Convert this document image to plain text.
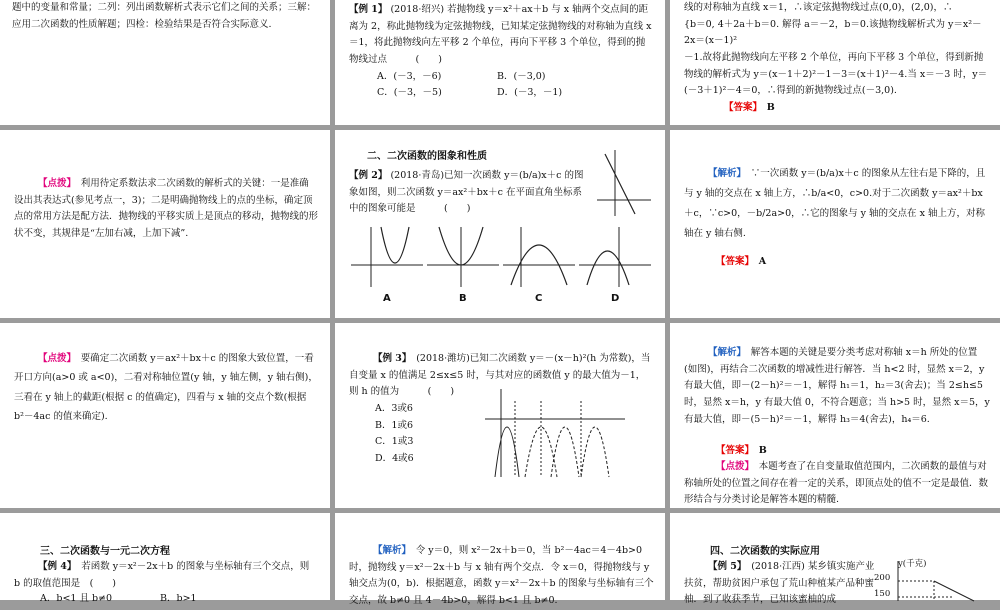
题中的变量和常量；二列：列出函数解析式表示它们之间的关系；三解：应用二次函数的性质解题；四检：检验结果是否符合实际意义.

【例 1】 (2018·绍兴) 若抛物线 y＝x²＋ax＋b 与 x 轴两个交点间的距离为 2，称此抛物线为定弦抛物线，已知某定弦抛物线的对称轴为直线 x＝1，将此抛物线向左平移 2 个单位，再向下平移 3 个单位，得到的抛物线过点　　　(　　)

A．(－3，－6)	B．(－3,0)

C．(－3，－5)	D．(－3，－1)

线的对称轴为直线 x＝1，∴该定弦抛物线过点(0,0)，(2,0)，∴

{b＝0, 4＋2a＋b＝0. 解得 a＝－2，b＝0.该抛物线解析式为 y＝x²－2x＝(x－1)²

－1.故将此抛物线向左平移 2 个单位，再向下平移 3 个单位，得到新抛物线的解析式为 y＝(x－1＋2)²－1－3＝(x＋1)²－4.当 x＝－3 时，y＝(－3＋1)²－4＝0，∴得到的新抛物线过点(－3,0).

【答案】　 B

【点拨】　 利用待定系数法求二次函数的解析式的关键：一是准确设出其表达式(参见考点一，3)；二是明确抛物线上的点的坐标，确定顶点的常用方法是配方法．抛物线的平移实质上是顶点的移动，抛物线的形状不变，其规律是“左加右减，上加下减”.

二、二次函数的图象和性质

【例 2】 (2018·青岛)已知一次函数 y＝(b/a)x＋c 的图象如图，则二次函数 y＝ax²＋bx＋c 在平面直角坐标系中的图象可能是　　　(　　)

A	B	C	D

【解析】　 ∵一次函数 y＝(b/a)x＋c 的图象从左往右是下降的，且与 y 轴的交点在 x 轴上方，∴b/a<0，c>0.对于二次函数 y＝ax²＋bx＋c，∵c>0，－b/2a>0，∴它的图象与 y 轴的交点在 x 轴上方，对称轴在 y 轴右侧.

【答案】　 A

【点拨】　 要确定二次函数 y＝ax²＋bx＋c 的图象大致位置，一看开口方向(a>0 或 a<0)，二看对称轴位置(y 轴，y 轴左侧，y 轴右侧)，三看在 y 轴上的截距(根据 c 的值确定)，四看与 x 轴的交点个数(根据 b²－4ac 的值来确定).

【例 3】　 (2018·潍坊)已知二次函数 y＝－(x－h)²(h 为常数)，当自变量 x 的值满足 2≤x≤5 时，与其对应的函数值 y 的最大值为－1，则 h 的值为　　　(　　)

A．3或6
B．1或6
C．1或3
D．4或6

【解析】　 解答本题的关键是要分类考虑对称轴 x＝h 所处的位置(如图)，再结合二次函数的增减性进行解答．当 h<2 时，显然 x＝2，y 有最大值，即－(2－h)²＝－1，解得 h₁＝1，h₂＝3(舍去)；当 2≤h≤5 时，显然 x＝h，y 有最大值 0，不符合题意；当 h>5 时，显然 x＝5，y 有最大值，即－(5－h)²＝－1，解得 h₃＝4(舍去)，h₄＝6.

【答案】　 B

【点拨】　 本题考查了在自变量取值范围内，二次函数的最值与对称轴所处的位置之间存在着一定的关系，即顶点处的值不一定是最值．数形结合与分类讨论是解答本题的精髓.

三、二次函数与一元二次方程

【例 4】　 若函数 y＝x²－2x＋b 的图象与坐标轴有三个交点，则 b 的取值范围是　(　　)

A．b<1 且 b≠0	B．b>1

【解析】　 令 y＝0，则 x²－2x＋b＝0，当 b²－4ac＝4－4b>0 时，抛物线 y＝x²－2x＋b 与 x 轴有两个交点．令 x＝0，得抛物线与 y 轴交点为(0，b)．根据题意，函数 y＝x²－2x＋b 的图象与坐标轴有三个交点，故 b≠0 且 4－4b>0，解得 b<1 且 b≠0.

四、二次函数的实际应用

【例 5】　 (2018·江西) 某乡镇实施产业扶贫，帮助贫困户承包了荒山种植某产品种蜜柚．到了收获季节，已知该蜜柚的成

y(千克)
200
150
